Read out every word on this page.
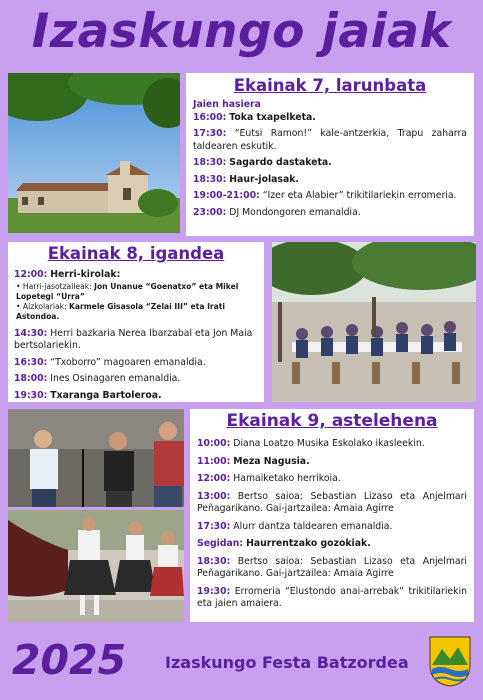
Izaskungo jaiak
Ekainak 7, larunbata
Jaien hasiera

16:00: Toka txapelketa.

17:30: “Eutsi Ramon!” kale-antzerkia, Trapu zaharra taldearen eskutik.

18:30: Sagardo dastaketa.

18:30: Haur-jolasak.

19:00-21:00: “Izer eta Alabier” trikitilariekin erromeria.

23:00: DJ Mondongoren emanaldia.

Ekainak 8, igandea

12:00: Herri-kirolak:

• Harri-jasotzaileak: Jon Unanue “Goenatxo” eta Mikel Lopetegi “Urra”

• Aizkolariak: Karmele Gisasola “Zelai III” eta Irati Astondoa.

14:30: Herri bazkaria Nerea Ibarzabal eta Jon Maia bertsolariekin.

16:30: “Txoborro” magoaren emanaldia.

18:00: Ines Osinagaren emanaldia.

19:30: Txaranga Bartoleroa.

Ekainak 9, astelehena

10:00: Diana Loatzo Musika Eskolako ikasleekin.

11:00: Meza Nagusia.

12:00: Hamaiketako herrikoia.

13:00: Bertso saioa: Sebastian Lizaso eta Anjelmari Peñagarikano. Gai-jartzailea: Amaia Agirre

17:30: Alurr dantza taldearen emanaldia.

Segidan: Haurrentzako gozokiak.

18:30: Bertso saioa: Sebastian Lizaso eta Anjelmari Peñagarikano. Gai-jartzailea: Amaia Agirre

19:30: Erromeria “Elustondo anai-arrebak” trikitilariekin eta jaien amaiera.

2025 Izaskungo Festa Batzordea
